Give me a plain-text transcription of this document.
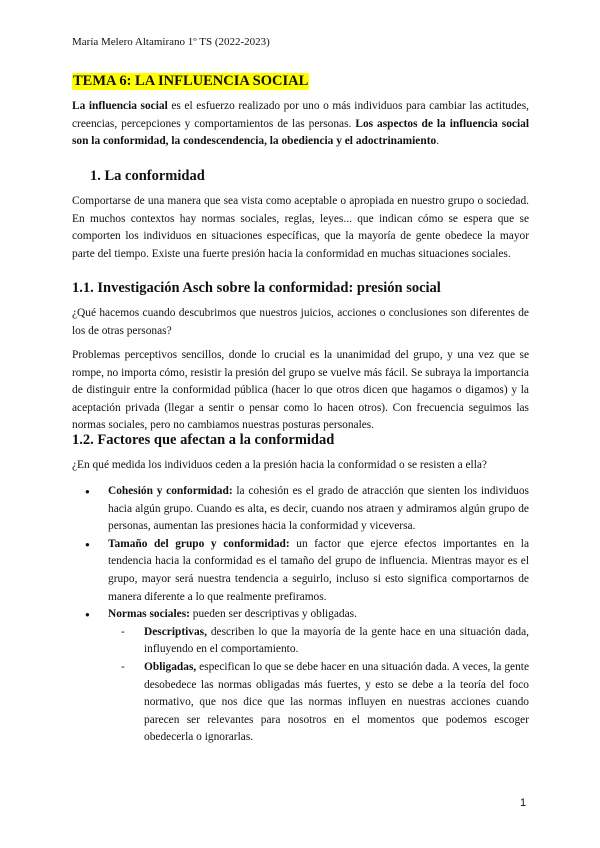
María Melero Altamirano 1º TS (2022-2023)
TEMA 6: LA INFLUENCIA SOCIAL

La influencia social es el esfuerzo realizado por uno o más individuos para cambiar las actitudes, creencias, percepciones y comportamientos de las personas. Los aspectos de la influencia social son la conformidad, la condescendencia, la obediencia y el adoctrinamiento.

1. La conformidad

Comportarse de una manera que sea vista como aceptable o apropiada en nuestro grupo o sociedad. En muchos contextos hay normas sociales, reglas, leyes... que indican cómo se espera que se comporten los individuos en situaciones específicas, que la mayoría de gente obedece la mayor parte del tiempo. Existe una fuerte presión hacia la conformidad en muchas situaciones sociales.

1.1. Investigación Asch sobre la conformidad: presión social

¿Qué hacemos cuando descubrimos que nuestros juicios, acciones o conclusiones son diferentes de los de otras personas?

Problemas perceptivos sencillos, donde lo crucial es la unanimidad del grupo, y una vez que se rompe, no importa cómo, resistir la presión del grupo se vuelve más fácil. Se subraya la importancia de distinguir entre la conformidad pública (hacer lo que otros dicen que hagamos o digamos) y la aceptación privada (llegar a sentir o pensar como lo hacen otros). Con frecuencia seguimos las normas sociales, pero no cambiamos nuestras posturas personales.

1.2. Factores que afectan a la conformidad

¿En qué medida los individuos ceden a la presión hacia la conformidad o se resisten a ella?

● Cohesión y conformidad: la cohesión es el grado de atracción que sienten los individuos hacia algún grupo. Cuando es alta, es decir, cuando nos atraen y admiramos algún grupo de personas, aumentan las presiones hacia la conformidad y viceversa.
● Tamaño del grupo y conformidad: un factor que ejerce efectos importantes en la tendencia hacia la conformidad es el tamaño del grupo de influencia. Mientras mayor es el grupo, mayor será nuestra tendencia a seguirlo, incluso si esto significa comportarnos de manera diferente a lo que realmente prefiramos.
● Normas sociales: pueden ser descriptivas y obligadas.
- Descriptivas, describen lo que la mayoría de la gente hace en una situación dada, influyendo en el comportamiento.
- Obligadas, especifican lo que se debe hacer en una situación dada. A veces, la gente desobedece las normas obligadas más fuertes, y esto se debe a la teoría del foco normativo, que nos dice que las normas influyen en nuestras acciones cuando parecen ser relevantes para nosotros en el momentos que podemos escoger obedecerla o ignorarlas.
1
